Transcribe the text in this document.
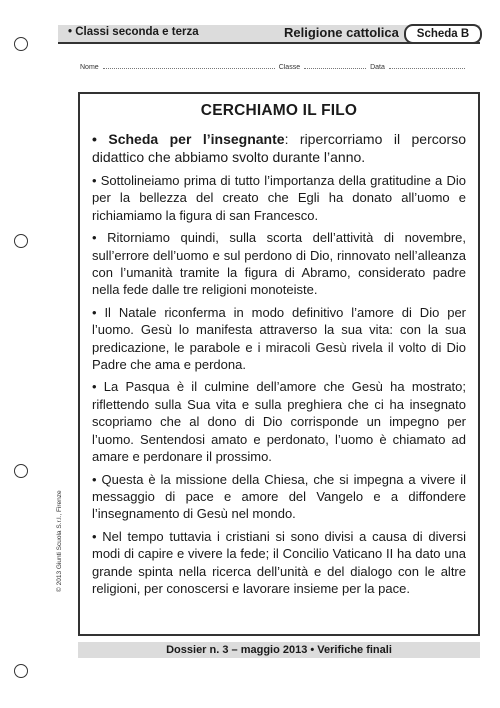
• Classi seconda e terza	Religione cattolica	Scheda B
Nome	Classe	Data
CERCHIAMO IL FILO

• Scheda per l’insegnante: ripercorriamo il percorso didattico che abbiamo svolto durante l’anno.

• Sottolineiamo prima di tutto l’importanza della gratitudine a Dio per la bellezza del creato che Egli ha donato all’uomo e richiamiamo la figura di san Francesco.

• Ritorniamo quindi, sulla scorta dell’attività di novembre, sull’errore dell’uomo e sul perdono di Dio, rinnovato nell’alleanza con l’umanità tramite la figura di Abramo, considerato padre nella fede dalle tre religioni monoteiste.

• Il Natale riconferma in modo definitivo l’amore di Dio per l’uomo. Gesù lo manifesta attraverso la sua vita: con la sua predicazione, le parabole e i miracoli Gesù rivela il volto di Dio Padre che ama e perdona.

• La Pasqua è il culmine dell’amore che Gesù ha mostrato; riflettendo sulla Sua vita e sulla preghiera che ci ha insegnato scopriamo che al dono di Dio corrisponde un impegno per l’uomo. Sentendosi amato e perdonato, l’uomo è chiamato ad amare e perdonare il prossimo.

• Questa è la missione della Chiesa, che si impegna a vivere il messaggio di pace e amore del Vangelo e a diffondere l’insegnamento di Gesù nel mondo.

• Nel tempo tuttavia i cristiani si sono divisi a causa di diversi modi di capire e vivere la fede; il Concilio Vaticano II ha dato una grande spinta nella ricerca dell’unità e del dialogo con le altre religioni, per conoscersi e lavorare insieme per la pace.

© 2013 Giunti Scuola S.r.l., Firenze
Dossier n. 3 – maggio 2013 • Verifiche finali
